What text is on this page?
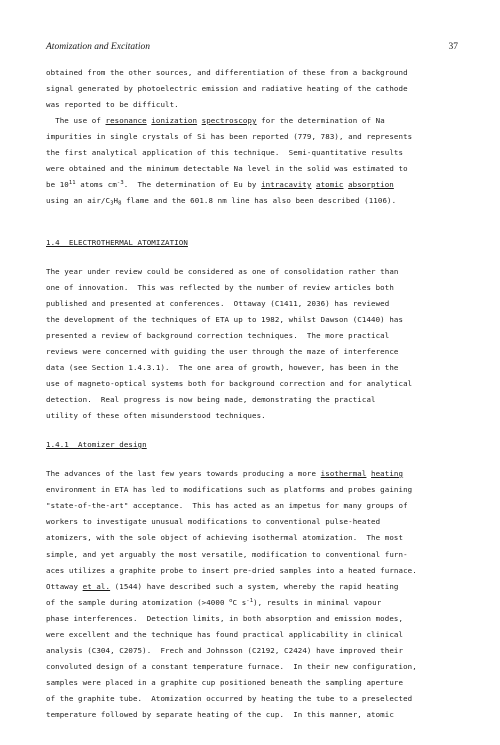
Atomization and Excitation	37
obtained from the other sources, and differentiation of these from a background
signal generated by photoelectric emission and radiative heating of the cathode
was reported to be difficult.
The use of resonance ionization spectroscopy for the determination of Na
impurities in single crystals of Si has been reported (779, 783), and represents
the first analytical application of this technique.  Semi-quantitative results
were obtained and the minimum detectable Na level in the solid was estimated to
be $10^{11}$ atoms $cm^{-3}$.  The determination of Eu by intracavity atomic absorption
using an air/$C_3H_8$ flame and the 601.8 nm line has also been described (1106).
1.4  ELECTROTHERMAL ATOMIZATION
The year under review could be considered as one of consolidation rather than
one of innovation.  This was reflected by the number of review articles both
published and presented at conferences.  Ottaway (C1411, 2036) has reviewed
the development of the techniques of ETA up to 1982, whilst Dawson (C1440) has
presented a review of background correction techniques.  The more practical
reviews were concerned with guiding the user through the maze of interference
data (see Section 1.4.3.1).  The one area of growth, however, has been in the
use of magneto-optical systems both for background correction and for analytical
detection.  Real progress is now being made, demonstrating the practical
utility of these often misunderstood techniques.
1.4.1  Atomizer design
The advances of the last few years towards producing a more isothermal heating
environment in ETA has led to modifications such as platforms and probes gaining
"state-of-the-art" acceptance.  This has acted as an impetus for many groups of
workers to investigate unusual modifications to conventional pulse-heated
atomizers, with the sole object of achieving isothermal atomization.  The most
simple, and yet arguably the most versatile, modification to conventional furn-
aces utilizes a graphite probe to insert pre-dried samples into a heated furnace.
Ottaway et al. (1544) have described such a system, whereby the rapid heating
of the sample during atomization (>4000 $^o$C $s^{-1}$), results in minimal vapour
phase interferences.  Detection limits, in both absorption and emission modes,
were excellent and the technique has found practical applicability in clinical
analysis (C304, C2075).  Frech and Johnsson (C2192, C2424) have improved their
convoluted design of a constant temperature furnace.  In their new configuration,
samples were placed in a graphite cup positioned beneath the sampling aperture
of the graphite tube.  Atomization occurred by heating the tube to a preselected
temperature followed by separate heating of the cup.  In this manner, atomic
